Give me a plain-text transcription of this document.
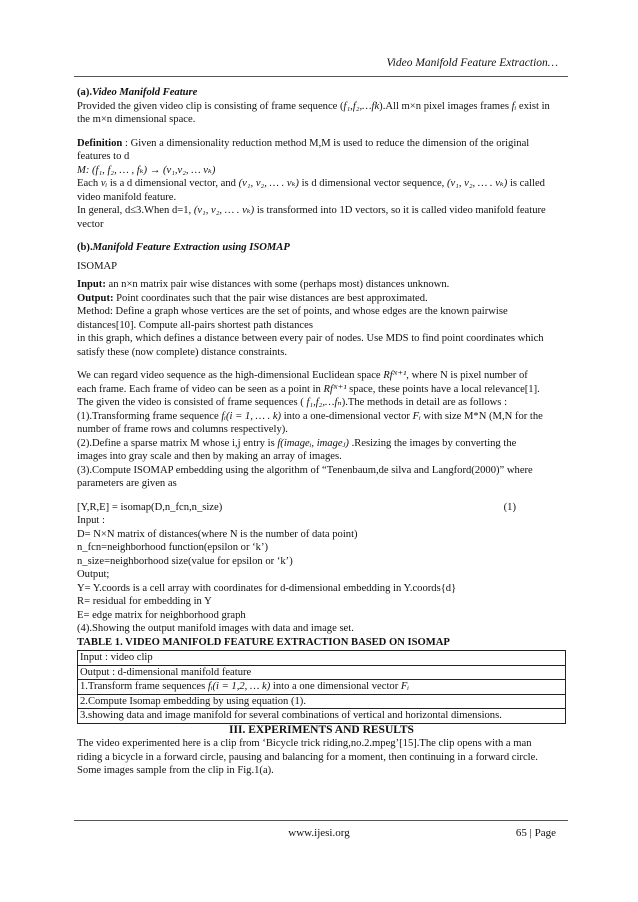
Video Manifold Feature Extraction…

(a).Video Manifold Feature

Provided the given video clip is consisting of frame sequence (f₁,f₂,…fk).All m×n pixel images frames fᵢ exist in

the m×n dimensional space.

Definition : Given a dimensionality reduction method M,M is used to reduce the dimension of the original

features to d

M: (f₁, f₂, … , fₖ) → (v₁,v₂, … vₖ)

Each vᵢ is a d dimensional vector, and (v₁, v₂, … . vₖ) is d dimensional vector sequence, (v₁, v₂, … . vₖ) is called

video manifold feature.

In general, d≤3.When d=1, (v₁, v₂, … . vₖ) is transformed into 1D vectors, so it is called video manifold feature

vector

(b).Manifold Feature Extraction using ISOMAP

ISOMAP

Input: an n×n matrix pair wise distances with some (perhaps most) distances unknown.

Output: Point coordinates such that the pair wise distances are best approximated.

Method: Define a graph whose vertices are the set of points, and whose edges are the known pairwise

distances[10]. Compute all-pairs shortest path distances

in this graph, which defines a distance between every pair of nodes. Use MDS to find point coordinates which

satisfy these (now complete) distance constraints.

We can regard video sequence as the high-dimensional Euclidean space Rfᴺ⁺¹, where N is pixel number of

each frame. Each frame of video can be seen as a point in Rfᴺ⁺¹ space, these points have a local relevance[1].

The given the video is consisted of frame sequences ( f₁,f₂,…fₙ).The methods in detail are as follows :

(1).Transforming frame sequence fᵢ(i = 1, … . k) into a one-dimensional vector Fᵢ with size M*N (M,N for the

number of frame rows and columns respectively).

(2).Define a sparse matrix M whose i,j entry is f(imageᵢ, imageⱼ) .Resizing the images by converting the

images into gray scale and then by making an array of images.

(3).Compute ISOMAP embedding using the algorithm of “Tenenbaum,de silva and Langford(2000)” where

parameters are given as

[Y,R,E] = isomap(D,n_fcn,n_size)	(1)

Input :

D= N×N matrix of distances(where N is the number of data point)

n_fcn=neighborhood function(epsilon or ‘k’)

n_size=neighborhood size(value for epsilon or ‘k’)

Output;

Y= Y.coords is a cell array with coordinates for d-dimensional embedding in Y.coords{d}

R= residual for embedding in Y

E= edge matrix for neighborhood graph

(4).Showing the output manifold images with data and image set.

TABLE 1. VIDEO MANIFOLD FEATURE EXTRACTION BASED ON ISOMAP

Input : video clip
Output : d-dimensional manifold feature
1.Transform frame sequences fᵢ(i = 1,2, … k) into a one dimensional vector Fᵢ
2.Compute Isomap embedding by using equation (1).
3.showing data and image manifold for several combinations of vertical and horizontal dimensions.

III. EXPERIMENTS AND RESULTS

The video experimented here is a clip from ‘Bicycle trick riding,no.2.mpeg’[15].The clip opens with a man

riding a bicycle in a forward circle, pausing and balancing for a moment, then continuing in a forward circle.

Some images sample from the clip in Fig.1(a).

www.ijesi.org	65 | Page
